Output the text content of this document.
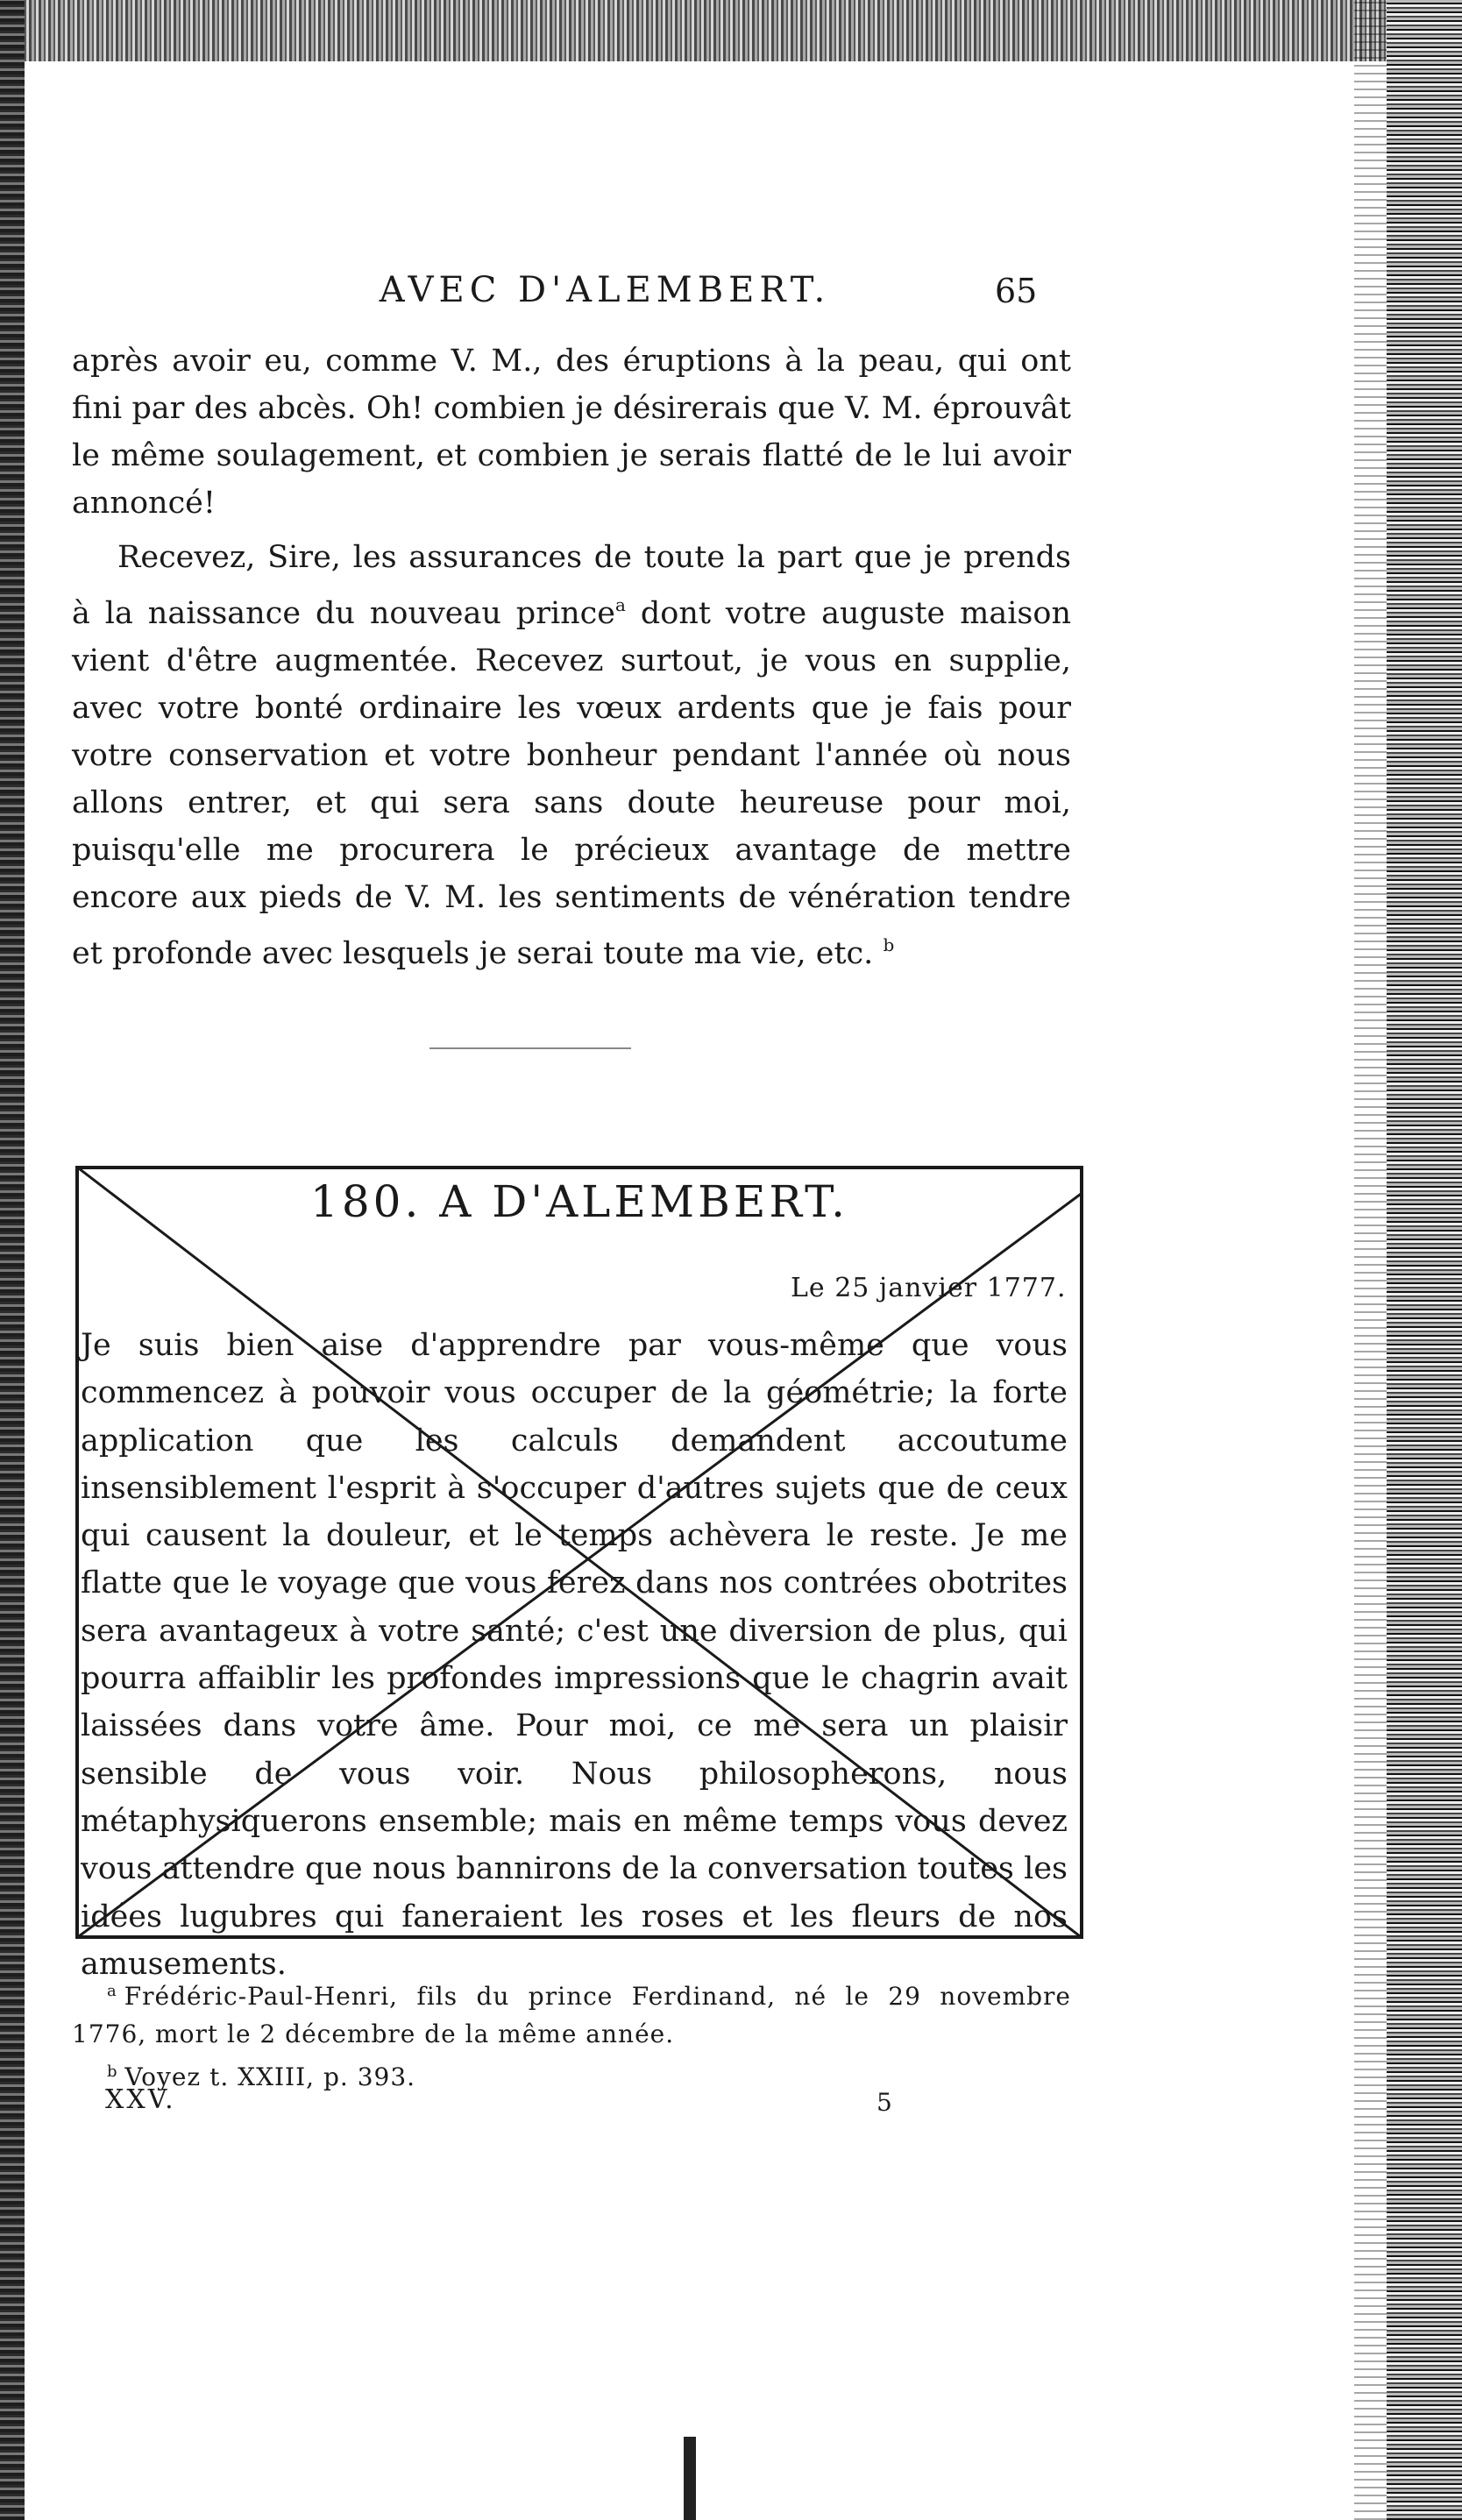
AVEC D'ALEMBERT.	65

après avoir eu, comme V. M., des éruptions à la peau, qui ont fini par des abcès. Oh! combien je désirerais que V. M. éprouvât le même soulagement, et combien je serais flatté de le lui avoir annoncé!

Recevez, Sire, les assurances de toute la part que je prends à la naissance du nouveau prince$^a$ dont votre auguste maison vient d'être augmentée. Recevez surtout, je vous en supplie, avec votre bonté ordinaire les vœux ardents que je fais pour votre conservation et votre bonheur pendant l'année où nous allons entrer, et qui sera sans doute heureuse pour moi, puisqu'elle me procurera le précieux avantage de mettre encore aux pieds de V. M. les sentiments de vénération tendre et profonde avec lesquels je serai toute ma vie, etc. $^b$

180. A D'ALEMBERT.
Le 25 janvier 1777.

Je suis bien aise d'apprendre par vous-même que vous commencez à pouvoir vous occuper de la géométrie; la forte application que les calculs demandent accoutume insensiblement l'esprit à s'occuper d'autres sujets que de ceux qui causent la douleur, et le temps achèvera le reste. Je me flatte que le voyage que vous ferez dans nos contrées obotrites sera avantageux à votre santé; c'est une diversion de plus, qui pourra affaiblir les profondes impressions que le chagrin avait laissées dans votre âme. Pour moi, ce me sera un plaisir sensible de vous voir. Nous philosopherons, nous métaphysiquerons ensemble; mais en même temps vous devez vous attendre que nous bannirons de la conversation toutes les idées lugubres qui faneraient les roses et les fleurs de nos amusements.

$^a$ Frédéric-Paul-Henri, fils du prince Ferdinand, né le 29 novembre 1776, mort le 2 décembre de la même année.

$^b$ Voyez t. XXIII, p. 393.

XXV.	5
